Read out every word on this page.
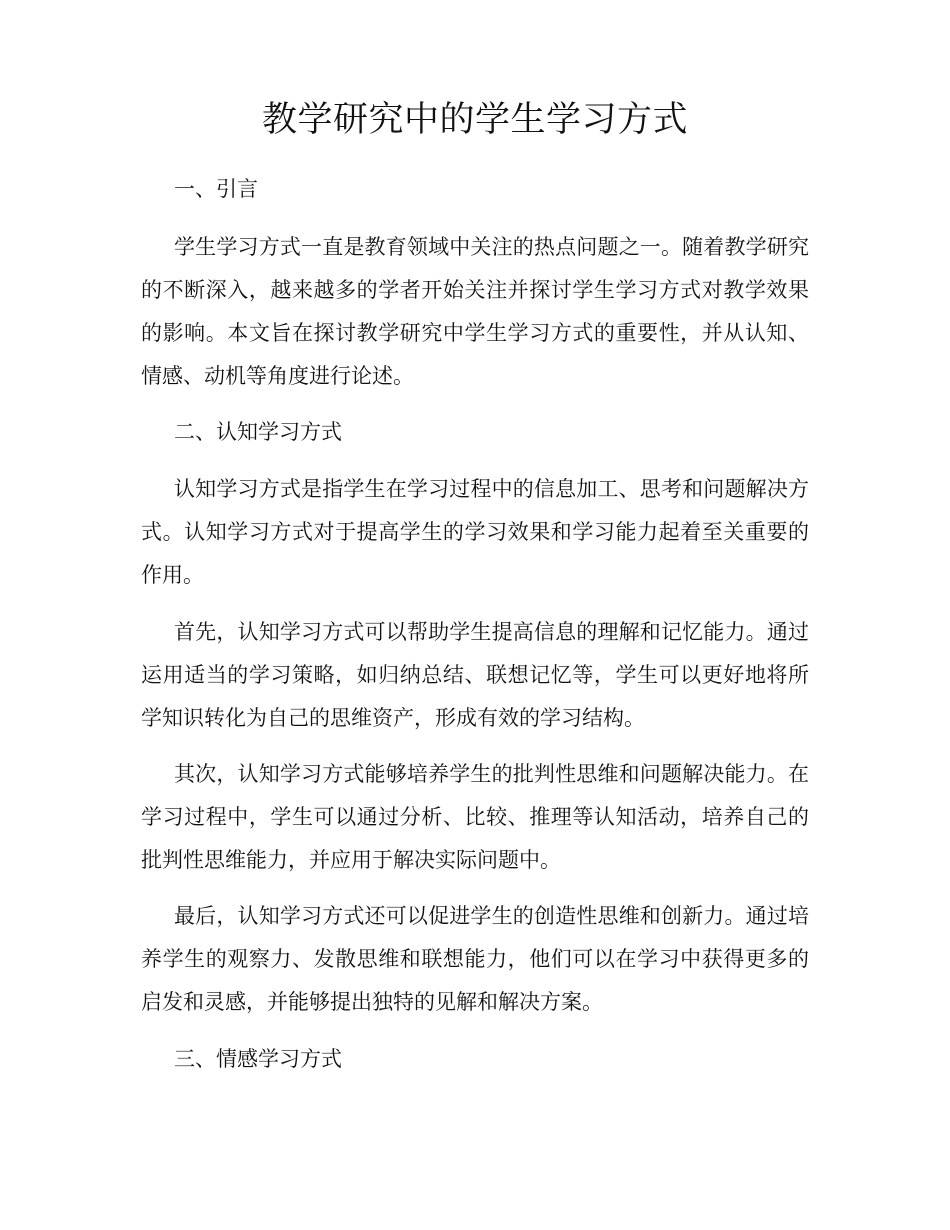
教学研究中的学生学习方式

一、引言

学生学习方式一直是教育领域中关注的热点问题之一。随着教学研究的不断深入，越来越多的学者开始关注并探讨学生学习方式对教学效果的影响。本文旨在探讨教学研究中学生学习方式的重要性，并从认知、情感、动机等角度进行论述。

二、认知学习方式

认知学习方式是指学生在学习过程中的信息加工、思考和问题解决方式。认知学习方式对于提高学生的学习效果和学习能力起着至关重要的作用。

首先，认知学习方式可以帮助学生提高信息的理解和记忆能力。通过运用适当的学习策略，如归纳总结、联想记忆等，学生可以更好地将所学知识转化为自己的思维资产，形成有效的学习结构。

其次，认知学习方式能够培养学生的批判性思维和问题解决能力。在学习过程中，学生可以通过分析、比较、推理等认知活动，培养自己的批判性思维能力，并应用于解决实际问题中。

最后，认知学习方式还可以促进学生的创造性思维和创新力。通过培养学生的观察力、发散思维和联想能力，他们可以在学习中获得更多的启发和灵感，并能够提出独特的见解和解决方案。

三、情感学习方式
